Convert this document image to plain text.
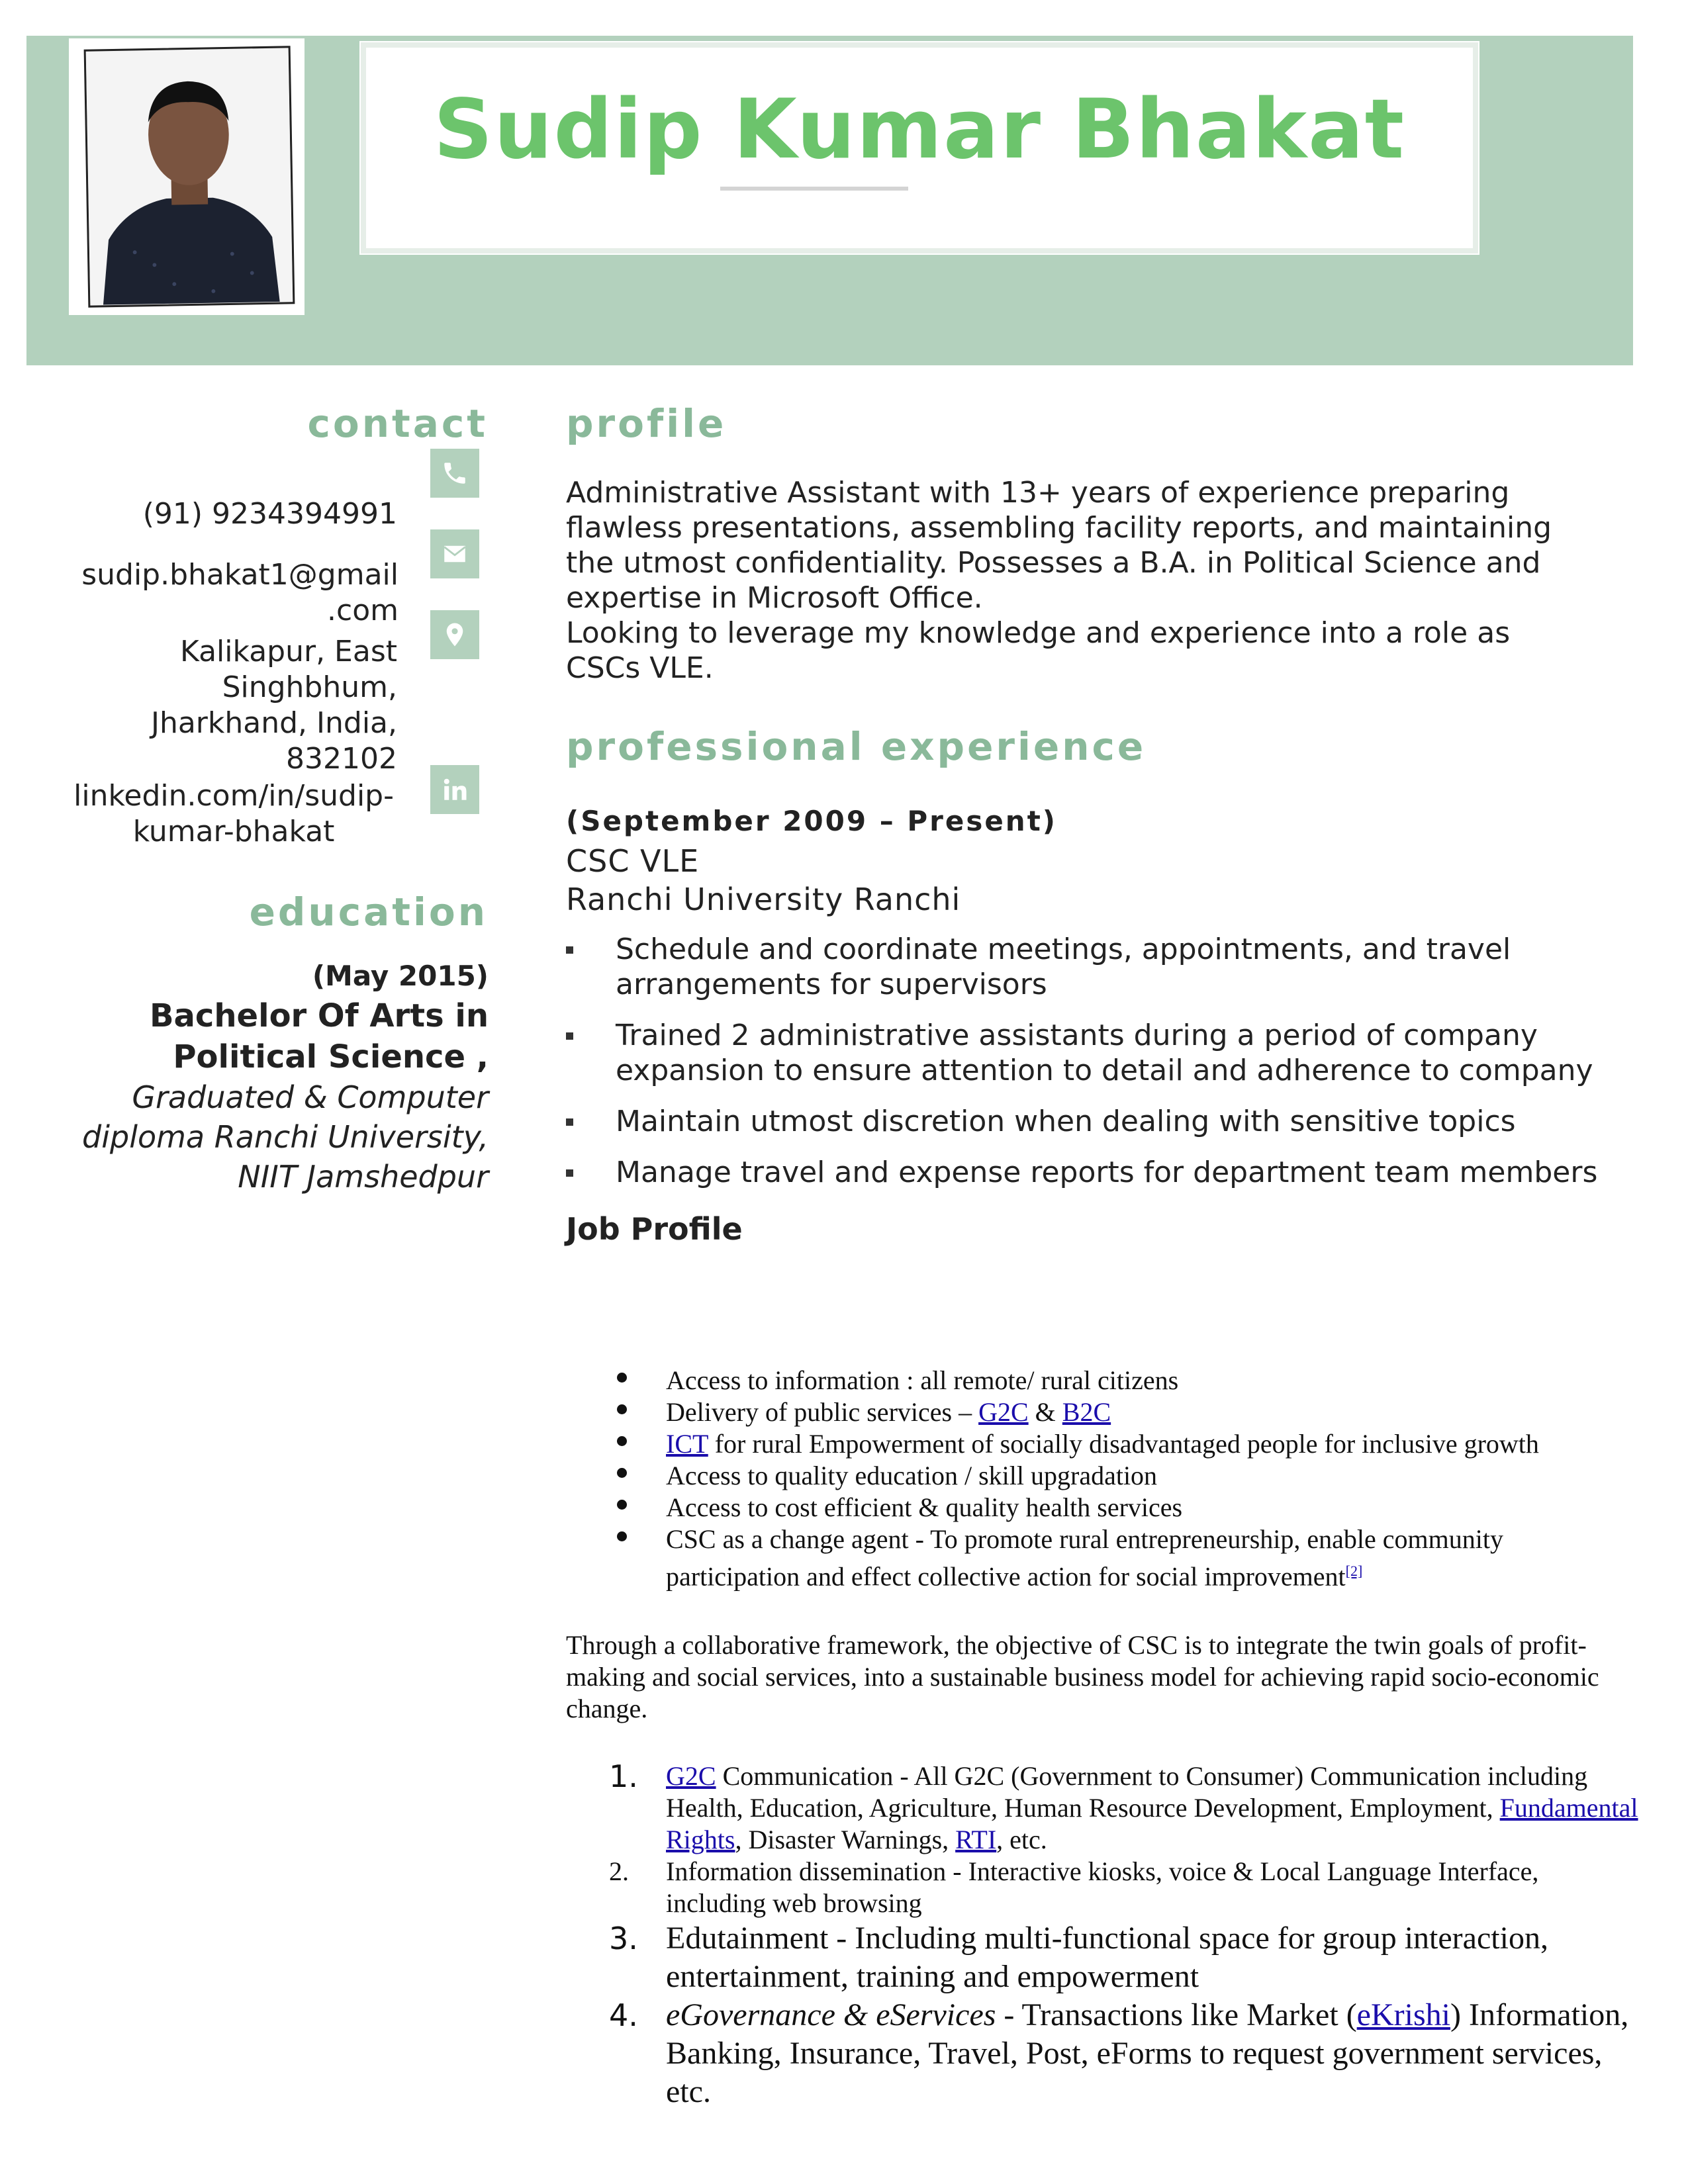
Sudip Kumar Bhakat
contact
(91) 9234394991
sudip.bhakat1@gmail
.com
Kalikapur, East
Singhbhum,
Jharkhand, India,
832102
linkedin.com/in/sudip-
kumar-bhakat
education
(May 2015)
Bachelor Of Arts in
Political Science ,
Graduated & Computer
diploma Ranchi University,
NIIT Jamshedpur
profile
Administrative Assistant with 13+ years of experience preparing
flawless presentations, assembling facility reports, and maintaining
the utmost confidentiality. Possesses a B.A. in Political Science and
expertise in Microsoft Office.
Looking to leverage my knowledge and experience into a role as
CSCs VLE.
professional experience
(September 2009 – Present)
CSC VLE
Ranchi University Ranchi
Schedule and coordinate meetings, appointments, and travel
arrangements for supervisors
Trained 2 administrative assistants during a period of company
expansion to ensure attention to detail and adherence to company
Maintain utmost discretion when dealing with sensitive topics
Manage travel and expense reports for department team members
Job Profile
Access to information : all remote/ rural citizens
Delivery of public services – G2C & B2C
ICT for rural Empowerment of socially disadvantaged people for inclusive growth
Access to quality education / skill upgradation
Access to cost efficient & quality health services
CSC as a change agent - To promote rural entrepreneurship, enable community
participation and effect collective action for social improvement[2]
Through a collaborative framework, the objective of CSC is to integrate the twin goals of profit-making and social services, into a sustainable business model for achieving rapid socio-economic change.
1. G2C Communication - All G2C (Government to Consumer) Communication including Health, Education, Agriculture, Human Resource Development, Employment, Fundamental Rights, Disaster Warnings, RTI, etc.
2. Information dissemination - Interactive kiosks, voice & Local Language Interface, including web browsing
3. Edutainment - Including multi-functional space for group interaction, entertainment, training and empowerment
4. eGovernance & eServices - Transactions like Market (eKrishi) Information, Banking, Insurance, Travel, Post, eForms to request government services, etc.
